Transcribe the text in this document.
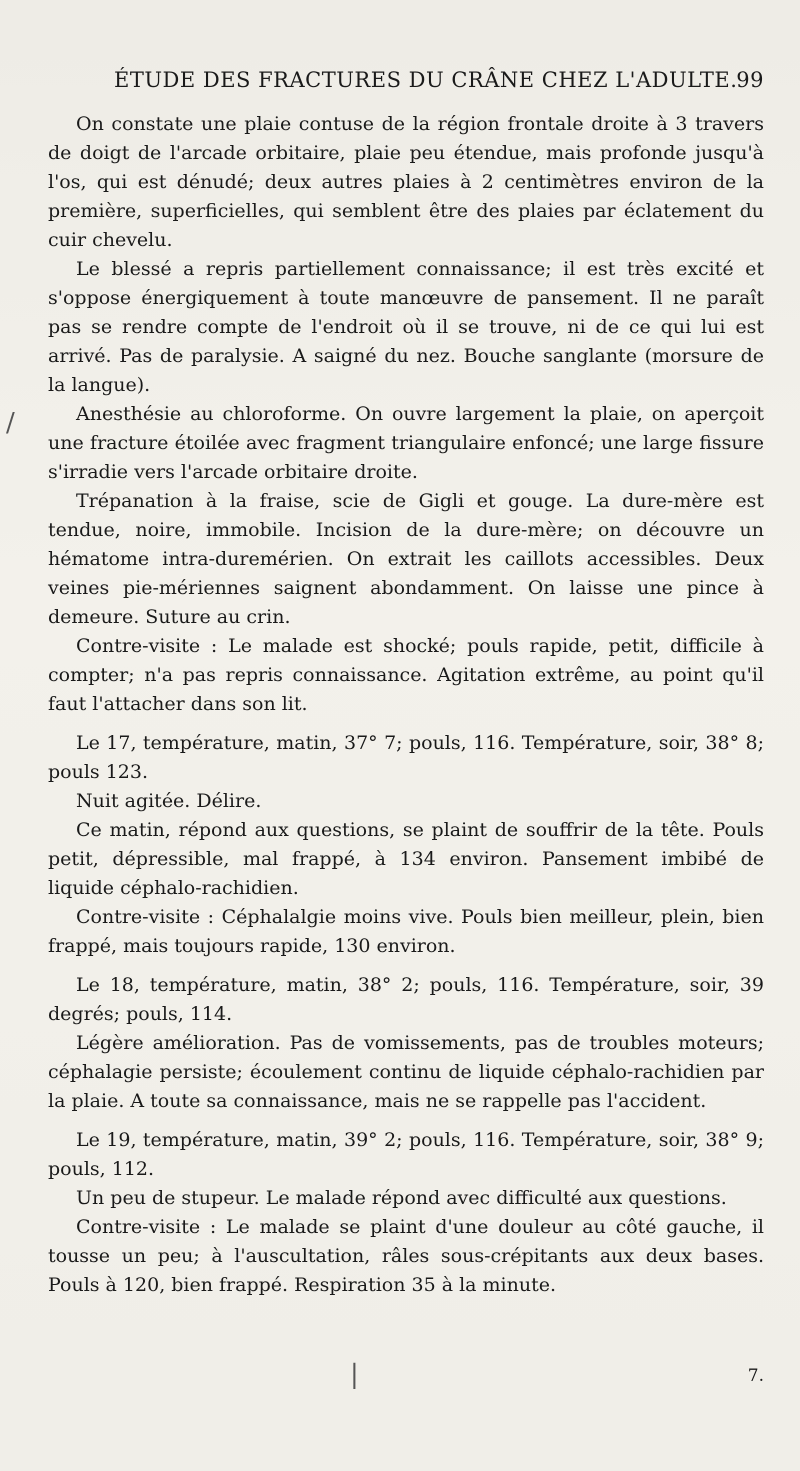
ÉTUDE DES FRACTURES DU CRÂNE CHEZ L'ADULTE.
99

On constate une plaie contuse de la région frontale droite à 3 travers de doigt de l'arcade orbitaire, plaie peu étendue, mais profonde jusqu'à l'os, qui est dénudé; deux autres plaies à 2 centimètres environ de la première, superficielles, qui semblent être des plaies par éclatement du cuir chevelu.

Le blessé a repris partiellement connaissance; il est très excité et s'oppose énergiquement à toute manœuvre de pansement. Il ne paraît pas se rendre compte de l'endroit où il se trouve, ni de ce qui lui est arrivé. Pas de paralysie. A saigné du nez. Bouche sanglante (morsure de la langue).

Anesthésie au chloroforme. On ouvre largement la plaie, on aperçoit une fracture étoilée avec fragment triangulaire enfoncé; une large fissure s'irradie vers l'arcade orbitaire droite.

Trépanation à la fraise, scie de Gigli et gouge. La dure-mère est tendue, noire, immobile. Incision de la dure-mère; on découvre un hématome intra-duremérien. On extrait les caillots accessibles. Deux veines pie-mériennes saignent abondamment. On laisse une pince à demeure. Suture au crin.

Contre-visite : Le malade est shocké; pouls rapide, petit, difficile à compter; n'a pas repris connaissance. Agitation extrême, au point qu'il faut l'attacher dans son lit.

Le 17, température, matin, 37° 7; pouls, 116. Température, soir, 38° 8; pouls 123.

Nuit agitée. Délire.

Ce matin, répond aux questions, se plaint de souffrir de la tête. Pouls petit, dépressible, mal frappé, à 134 environ. Pansement imbibé de liquide céphalo-rachidien.

Contre-visite : Céphalalgie moins vive. Pouls bien meilleur, plein, bien frappé, mais toujours rapide, 130 environ.

Le 18, température, matin, 38° 2; pouls, 116. Température, soir, 39 degrés; pouls, 114.

Légère amélioration. Pas de vomissements, pas de troubles moteurs; céphalagie persiste; écoulement continu de liquide céphalo-rachidien par la plaie. A toute sa connaissance, mais ne se rappelle pas l'accident.

Le 19, température, matin, 39° 2; pouls, 116. Température, soir, 38° 9; pouls, 112.

Un peu de stupeur. Le malade répond avec difficulté aux questions.

Contre-visite : Le malade se plaint d'une douleur au côté gauche, il tousse un peu; à l'auscultation, râles sous-crépitants aux deux bases. Pouls à 120, bien frappé. Respiration 35 à la minute.

7.
/
|
